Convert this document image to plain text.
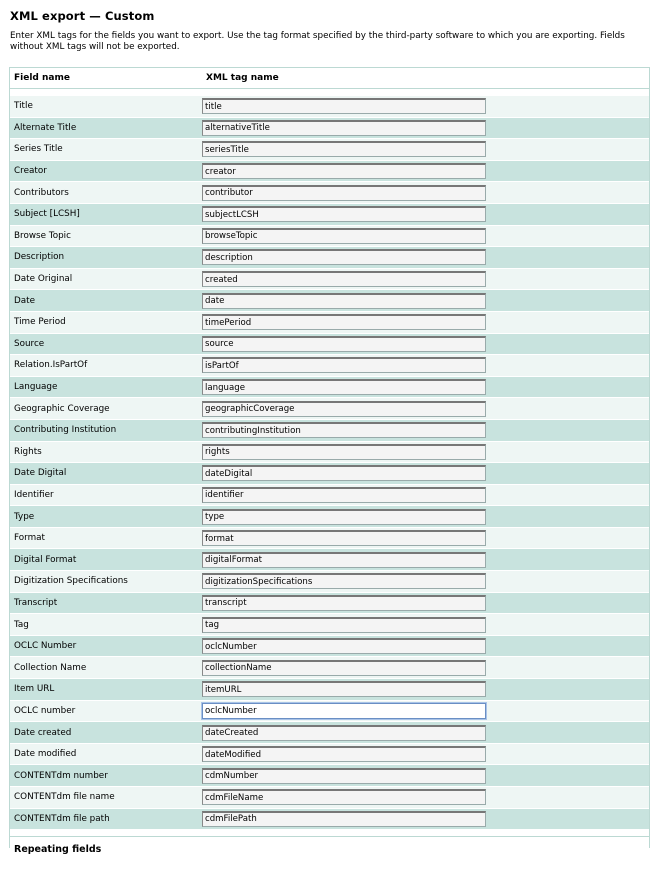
XML export — Custom

Enter XML tags for the fields you want to export. Use the tag format specified by the third-party software to which you are exporting. Fields without XML tags will not be exported.

Field name	XML tag name
Title
title
Alternate Title
alternativeTitle
Series Title
seriesTitle
Creator
creator
Contributors
contributor
Subject [LCSH]
subjectLCSH
Browse Topic
browseTopic
Description
description
Date Original
created
Date
date
Time Period
timePeriod
Source
source
Relation.IsPartOf
isPartOf
Language
language
Geographic Coverage
geographicCoverage
Contributing Institution
contributingInstitution
Rights
rights
Date Digital
dateDigital
Identifier
identifier
Type
type
Format
format
Digital Format
digitalFormat
Digitization Specifications
digitizationSpecifications
Transcript
transcript
Tag
tag
OCLC Number
oclcNumber
Collection Name
collectionName
Item URL
itemURL
OCLC number
oclcNumber
Date created
dateCreated
Date modified
dateModified
CONTENTdm number
cdmNumber
CONTENTdm file name
cdmFileName
CONTENTdm file path
cdmFilePath
Repeating fields
